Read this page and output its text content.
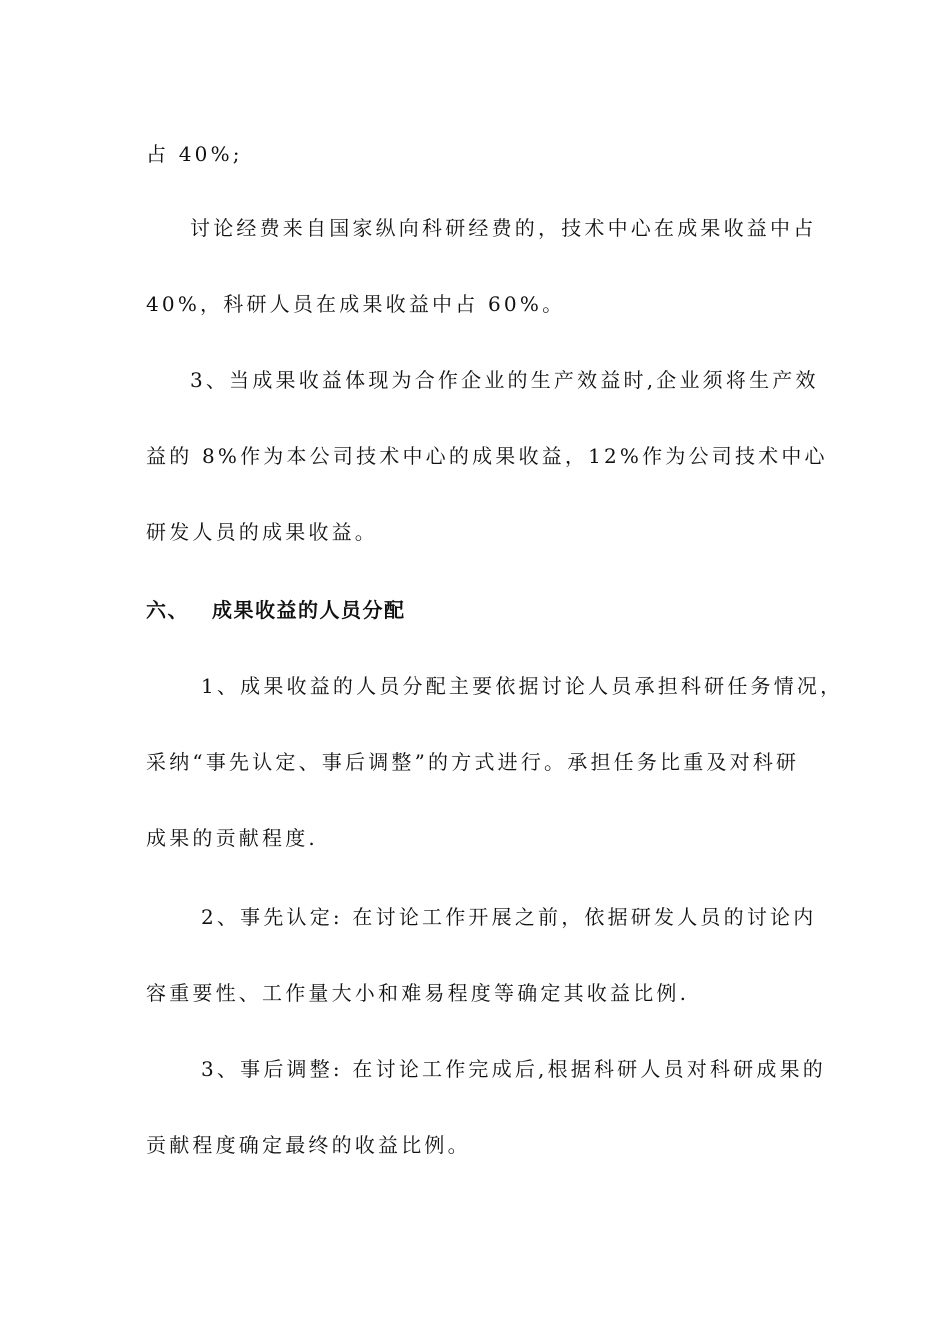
占 40%;
讨论经费来自国家纵向科研经费的，技术中心在成果收益中占
40%，科研人员在成果收益中占 60%。
3、当成果收益体现为合作企业的生产效益时,企业须将生产效
益的 8%作为本公司技术中心的成果收益，12%作为公司技术中心
研发人员的成果收益。
六、 成果收益的人员分配
1、成果收益的人员分配主要依据讨论人员承担科研任务情况，
采纳“事先认定、事后调整”的方式进行。承担任务比重及对科研
成果的贡献程度.
2、事先认定: 在讨论工作开展之前，依据研发人员的讨论内
容重要性、工作量大小和难易程度等确定其收益比例.
3、事后调整: 在讨论工作完成后,根据科研人员对科研成果的
贡献程度确定最终的收益比例。
